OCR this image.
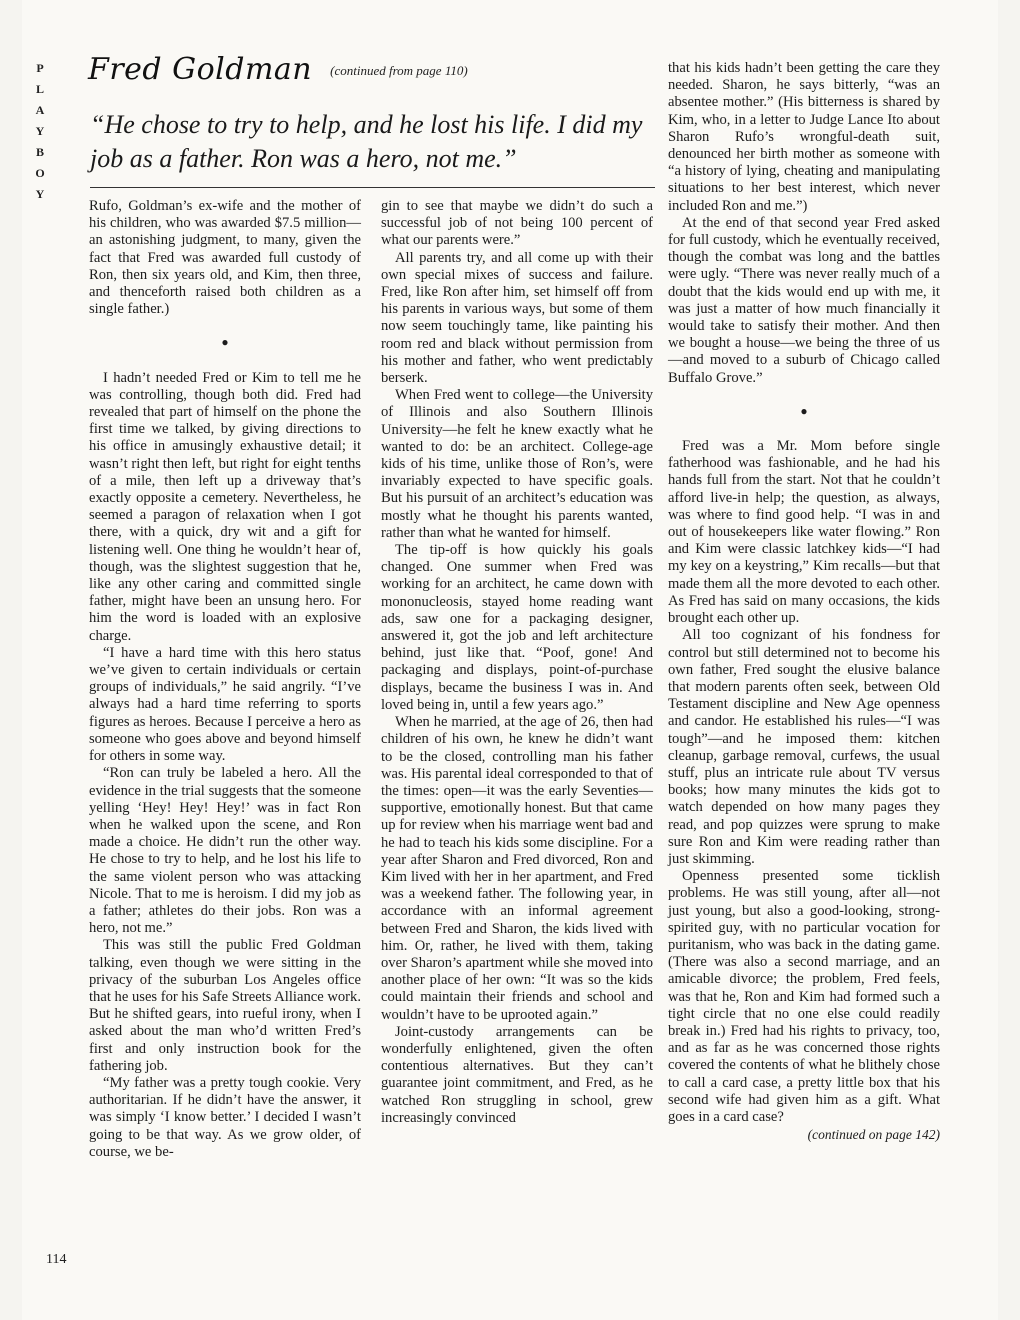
P
L
A
Y
B
O
Y
Fred Goldman $^{(continued from page 110)}$
“He chose to try to help, and he lost his life. I did my job as a father. Ron was a hero, not me.”

Rufo, Goldman’s ex-wife and the mother of his children, who was awarded $7.5 million—an astonishing judgment, to many, given the fact that Fred was awarded full custody of Ron, then six years old, and Kim, then three, and thenceforth raised both children as a single father.)

●

I hadn’t needed Fred or Kim to tell me he was controlling, though both did. Fred had revealed that part of himself on the phone the first time we talked, by giving directions to his office in amusingly exhaustive detail; it wasn’t right then left, but right for eight tenths of a mile, then left up a driveway that’s exactly opposite a cemetery. Nevertheless, he seemed a paragon of relaxation when I got there, with a quick, dry wit and a gift for listening well. One thing he wouldn’t hear of, though, was the slightest suggestion that he, like any other caring and committed single father, might have been an unsung hero. For him the word is loaded with an explosive charge.

“I have a hard time with this hero status we’ve given to certain individuals or certain groups of individuals,” he said angrily. “I’ve always had a hard time referring to sports figures as heroes. Because I perceive a hero as someone who goes above and beyond himself for others in some way.

“Ron can truly be labeled a hero. All the evidence in the trial suggests that the someone yelling ‘Hey! Hey! Hey!’ was in fact Ron when he walked upon the scene, and Ron made a choice. He didn’t run the other way. He chose to try to help, and he lost his life to the same violent person who was attacking Nicole. That to me is heroism. I did my job as a father; athletes do their jobs. Ron was a hero, not me.”

This was still the public Fred Goldman talking, even though we were sitting in the privacy of the suburban Los Angeles office that he uses for his Safe Streets Alliance work. But he shifted gears, into rueful irony, when I asked about the man who’d written Fred’s first and only instruction book for the fathering job.

“My father was a pretty tough cookie. Very authoritarian. If he didn’t have the answer, it was simply ‘I know better.’ I decided I wasn’t going to be that way. As we grow older, of course, we be-

gin to see that maybe we didn’t do such a successful job of not being 100 percent of what our parents were.”

All parents try, and all come up with their own special mixes of success and failure. Fred, like Ron after him, set himself off from his parents in various ways, but some of them now seem touchingly tame, like painting his room red and black without permission from his mother and father, who went predictably berserk.

When Fred went to college—the University of Illinois and also Southern Illinois University—he felt he knew exactly what he wanted to do: be an architect. College-age kids of his time, unlike those of Ron’s, were invariably expected to have specific goals. But his pursuit of an architect’s education was mostly what he thought his parents wanted, rather than what he wanted for himself.

The tip-off is how quickly his goals changed. One summer when Fred was working for an architect, he came down with mononucleosis, stayed home reading want ads, saw one for a packaging designer, answered it, got the job and left architecture behind, just like that. “Poof, gone! And packaging and displays, point-of-purchase displays, became the business I was in. And loved being in, until a few years ago.”

When he married, at the age of 26, then had children of his own, he knew he didn’t want to be the closed, controlling man his father was. His parental ideal corresponded to that of the times: open—it was the early Seventies—supportive, emotionally honest. But that came up for review when his marriage went bad and he had to teach his kids some discipline. For a year after Sharon and Fred divorced, Ron and Kim lived with her in her apartment, and Fred was a weekend father. The following year, in accordance with an informal agreement between Fred and Sharon, the kids lived with him. Or, rather, he lived with them, taking over Sharon’s apartment while she moved into another place of her own: “It was so the kids could maintain their friends and school and wouldn’t have to be uprooted again.”

Joint-custody arrangements can be wonderfully enlightened, given the often contentious alternatives. But they can’t guarantee joint commitment, and Fred, as he watched Ron struggling in school, grew increasingly convinced

that his kids hadn’t been getting the care they needed. Sharon, he says bitterly, “was an absentee mother.” (His bitterness is shared by Kim, who, in a letter to Judge Lance Ito about Sharon Rufo’s wrongful-death suit, denounced her birth mother as someone with “a history of lying, cheating and manipulating situations to her best interest, which never included Ron and me.”)

At the end of that second year Fred asked for full custody, which he eventually received, though the combat was long and the battles were ugly. “There was never really much of a doubt that the kids would end up with me, it was just a matter of how much financially it would take to satisfy their mother. And then we bought a house—we being the three of us—and moved to a suburb of Chicago called Buffalo Grove.”

●

Fred was a Mr. Mom before single fatherhood was fashionable, and he had his hands full from the start. Not that he couldn’t afford live-in help; the question, as always, was where to find good help. “I was in and out of housekeepers like water flowing.” Ron and Kim were classic latchkey kids—“I had my key on a keystring,” Kim recalls—but that made them all the more devoted to each other. As Fred has said on many occasions, the kids brought each other up.

All too cognizant of his fondness for control but still determined not to become his own father, Fred sought the elusive balance that modern parents often seek, between Old Testament discipline and New Age openness and candor. He established his rules—“I was tough”—and he imposed them: kitchen cleanup, garbage removal, curfews, the usual stuff, plus an intricate rule about TV versus books; how many minutes the kids got to watch depended on how many pages they read, and pop quizzes were sprung to make sure Ron and Kim were reading rather than just skimming.

Openness presented some ticklish problems. He was still young, after all—not just young, but also a good-looking, strong-spirited guy, with no particular vocation for puritanism, who was back in the dating game. (There was also a second marriage, and an amicable divorce; the problem, Fred feels, was that he, Ron and Kim had formed such a tight circle that no one else could readily break in.) Fred had his rights to privacy, too, and as far as he was concerned those rights covered the contents of what he blithely chose to call a card case, a pretty little box that his second wife had given him as a gift. What goes in a card case?

(continued on page 142)

114
